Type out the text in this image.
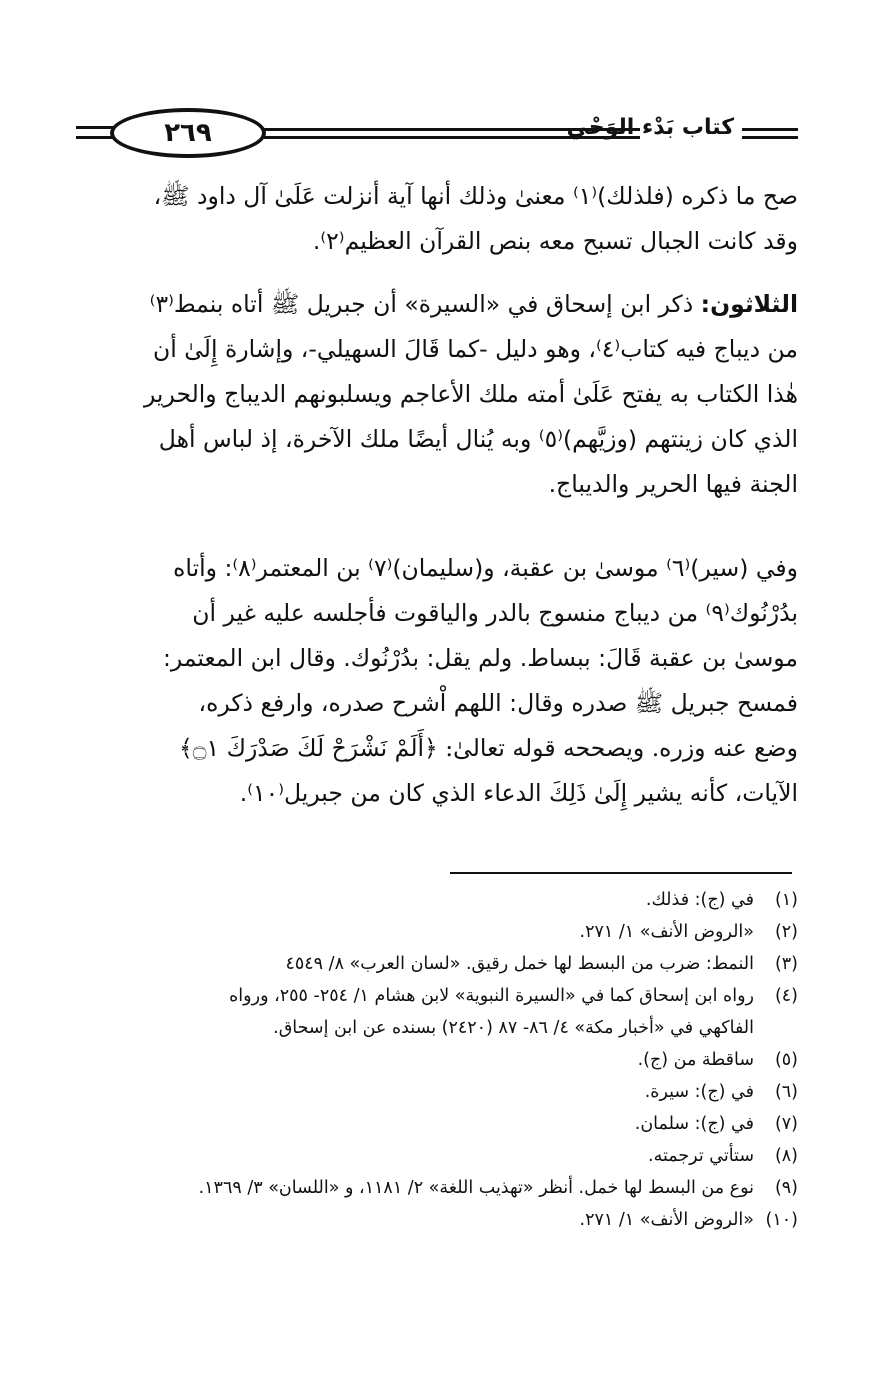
٢٦٩	كتاب بَدْء الوَحْي

صح ما ذكره (فلذلك)⁽١⁾ معنىٰ وذلك أنها آية أنزلت عَلَىٰ آل داود ﷺ،
وقد كانت الجبال تسبح معه بنص القرآن العظيم⁽٢⁾.

الثلاثون: ذكر ابن إسحاق في «السيرة» أن جبريل ﷺ أتاه بنمط⁽٣⁾
من ديباج فيه كتاب⁽٤⁾، وهو دليل -كما قَالَ السهيلي-، وإشارة إِلَىٰ أن
هٰذا الكتاب به يفتح عَلَىٰ أمته ملك الأعاجم ويسلبونهم الديباج والحرير
الذي كان زينتهم (وزيَّهم)⁽٥⁾ وبه يُنال أيضًا ملك الآخرة، إذ لباس أهل
الجنة فيها الحرير والديباج.

وفي (سير)⁽٦⁾ موسىٰ بن عقبة، و(سليمان)⁽٧⁾ بن المعتمر⁽٨⁾: وأتاه
بدُرْنُوك⁽٩⁾ من ديباج منسوج بالدر والياقوت فأجلسه عليه غير أن
موسىٰ بن عقبة قَالَ: ببساط. ولم يقل: بدُرْنُوك. وقال ابن المعتمر:
فمسح جبريل ﷺ صدره وقال: اللهم اْشرح صدره، وارفع ذكره،
وضع عنه وزره. ويصححه قوله تعالىٰ: ﴿أَلَمْ نَشْرَحْ لَكَ صَدْرَكَ ۝١﴾
الآيات، كأنه يشير إِلَىٰ ذَلِكَ الدعاء الذي كان من جبريل⁽١٠⁾.

(١)
في (ج): فذلك.
(٢)
«الروض الأنف» ١/ ٢٧١.
(٣)
النمط: ضرب من البسط لها خمل رقيق. «لسان العرب» ٨/ ٤٥٤٩
(٤)
رواه ابن إسحاق كما في «السيرة النبوية» لابن هشام ١/ ٢٥٤- ٢٥٥، ورواه
الفاكهي في «أخبار مكة» ٤/ ٨٦- ٨٧ (٢٤٢٠) بسنده عن ابن إسحاق.
(٥)
ساقطة من (ج).
(٦)
في (ج): سيرة.
(٧)
في (ج): سلمان.
(٨)
ستأتي ترجمته.
(٩)
نوع من البسط لها خمل. أنظر «تهذيب اللغة» ٢/ ١١٨١، و «اللسان» ٣/ ١٣٦٩.
(١٠)
«الروض الأنف» ١/ ٢٧١.
